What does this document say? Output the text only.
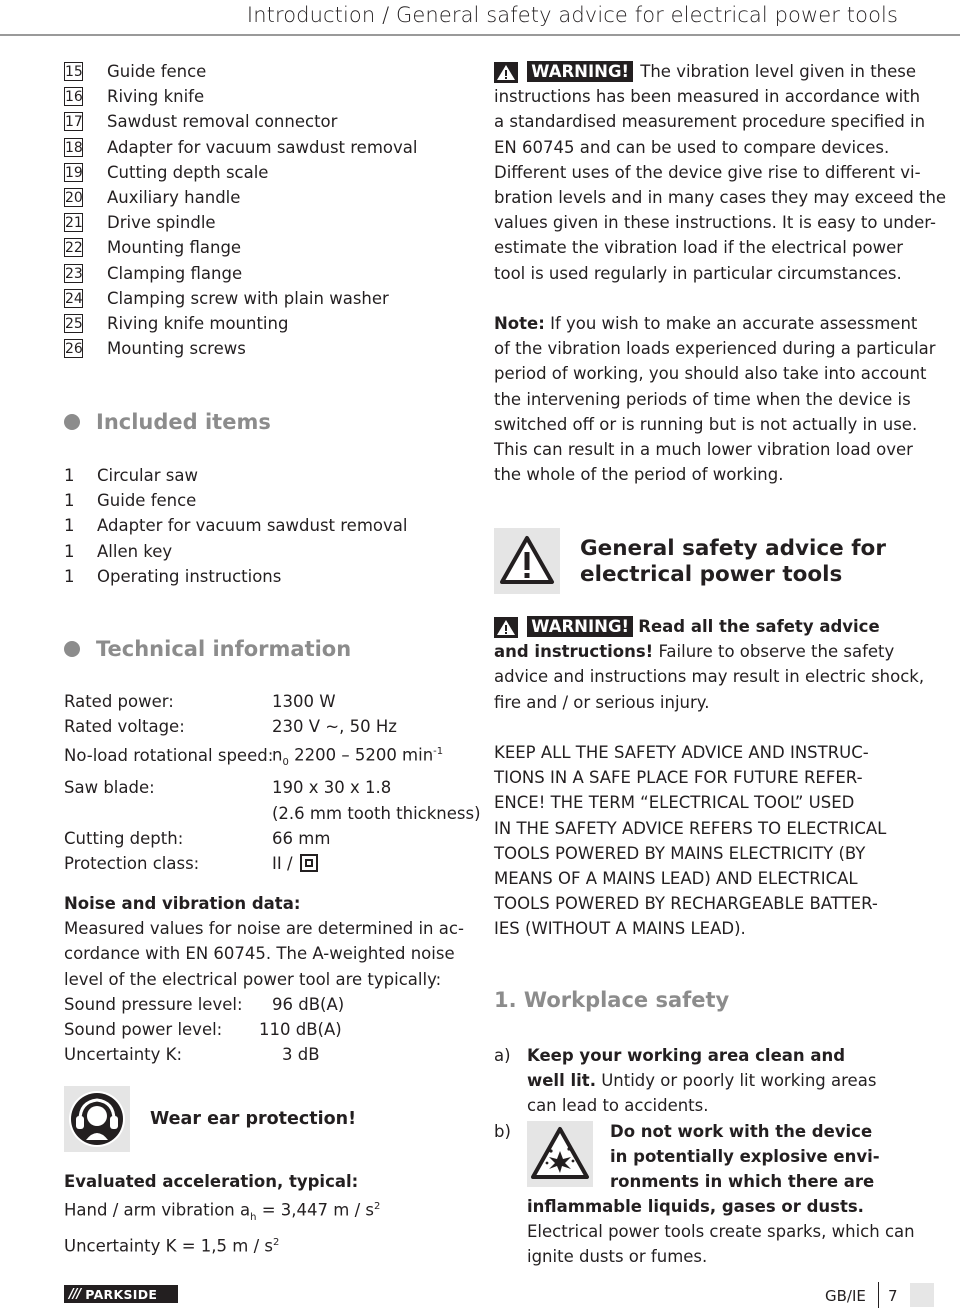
Introduction / General safety advice for electrical power tools
15 Guide fence
16 Riving knife
17 Sawdust removal connector
18 Adapter for vacuum sawdust removal
19 Cutting depth scale
20 Auxiliary handle
21 Drive spindle
22 Mounting flange
23 Clamping flange
24 Clamping screw with plain washer
25 Riving knife mounting
26 Mounting screws
Included items
1 Circular saw
1 Guide fence
1 Adapter for vacuum sawdust removal
1 Allen key
1 Operating instructions
Technical information
Rated power:	1300 W
Rated voltage:	230 V ~, 50 Hz
No-load rotational $speed:n_0$ 2200 – 5200 $\min^{-1}$
Saw blade:	190 x 30 x 1.8
(2.6 mm tooth thickness)
Cutting depth:	66 mm
Protection class:	II /
Noise and vibration data:
Measured values for noise are determined in ac-
cordance with EN 60745. The A-weighted noise
level of the electrical power tool are typically:
Sound pressure level: 96 dB(A)
Sound power level: 110 dB(A)
Uncertainty K:	3 dB
Wear ear protection!
Evaluated acceleration, typical:
Hand / arm vibration $a_h = 3,447$ m / $s^2$
Uncertainty K = 1,5 m / $s^2$
WARNING! The vibration level given in these
instructions has been measured in accordance with
a standardised measurement procedure specified in
EN 60745 and can be used to compare devices.
Different uses of the device give rise to different vi-
bration levels and in many cases they may exceed the
values given in these instructions. It is easy to under-
estimate the vibration load if the electrical power
tool is used regularly in particular circumstances.
Note: If you wish to make an accurate assessment
of the vibration loads experienced during a particular
period of working, you should also take into account
the intervening periods of time when the device is
switched off or is running but is not actually in use.
This can result in a much lower vibration load over
the whole of the period of working.
General safety advice for
electrical power tools
WARNING! Read all the safety advice
and instructions! Failure to observe the safety
advice and instructions may result in electric shock,
fire and / or serious injury.
KEEP ALL THE SAFETY ADVICE AND INSTRUC-
TIONS IN A SAFE PLACE FOR FUTURE REFER-
ENCE! THE TERM “ELECTRICAL TOOL” USED
IN THE SAFETY ADVICE REFERS TO ELECTRICAL
TOOLS POWERED BY MAINS ELECTRICITY (BY
MEANS OF A MAINS LEAD) AND ELECTRICAL
TOOLS POWERED BY RECHARGEABLE BATTER-
IES (WITHOUT A MAINS LEAD).
1. Workplace safety
a) Keep your working area clean and
well lit. Untidy or poorly lit working areas
can lead to accidents.
b)	Do not work with the device
in potentially explosive envi-
ronments in which there are
inflammable liquids, gases or dusts.
Electrical power tools create sparks, which can
ignite dusts or fumes.
/// PARKSIDE	GB/IE 7
